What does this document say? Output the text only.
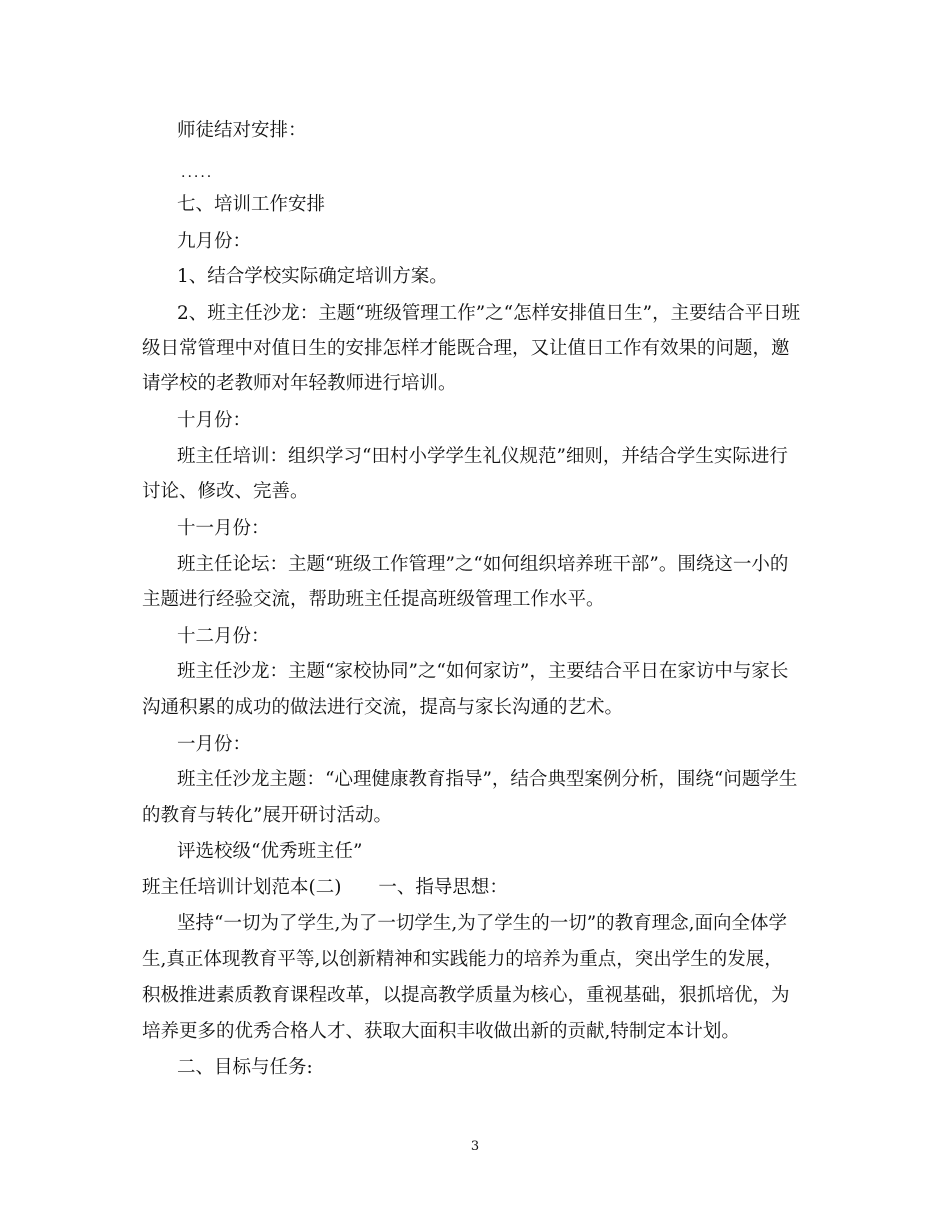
师徒结对安排：
.....
七、培训工作安排
九月份：
1、结合学校实际确定培训方案。
2、班主任沙龙：主题“班级管理工作”之“怎样安排值日生”，主要结合平日班
级日常管理中对值日生的安排怎样才能既合理，又让值日工作有效果的问题，邀
请学校的老教师对年轻教师进行培训。
十月份：
班主任培训：组织学习“田村小学学生礼仪规范”细则，并结合学生实际进行
讨论、修改、完善。
十一月份：
班主任论坛：主题“班级工作管理”之“如何组织培养班干部”。围绕这一小的
主题进行经验交流，帮助班主任提高班级管理工作水平。
十二月份：
班主任沙龙：主题“家校协同”之“如何家访”，主要结合平日在家访中与家长
沟通积累的成功的做法进行交流，提高与家长沟通的艺术。
一月份：
班主任沙龙主题：“心理健康教育指导”，结合典型案例分析，围绕“问题学生
的教育与转化”展开研讨活动。
评选校级“优秀班主任”
班主任培训计划范本(二)　　一、指导思想：
坚持“一切为了学生,为了一切学生,为了学生的一切”的教育理念,面向全体学
生,真正体现教育平等,以创新精神和实践能力的培养为重点，突出学生的发展，
积极推进素质教育课程改革，以提高教学质量为核心，重视基础，狠抓培优，为
培养更多的优秀合格人才、获取大面积丰收做出新的贡献,特制定本计划。
二、目标与任务:
3
